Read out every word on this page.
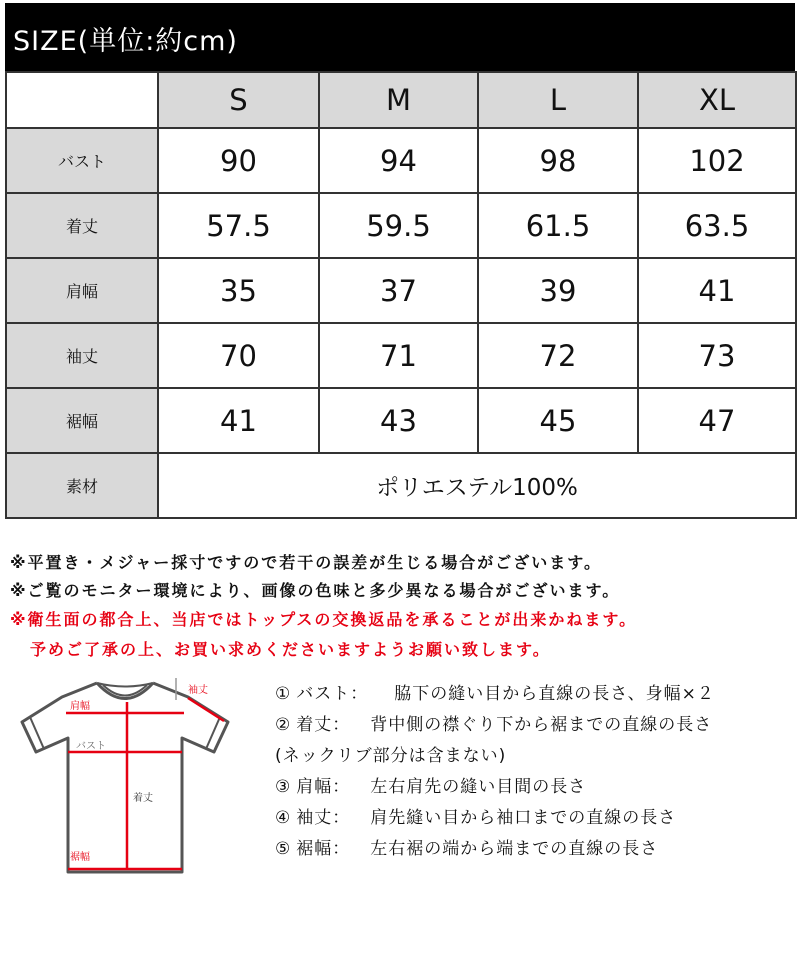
SIZE(単位:約cm)
	S	M	L	XL
バスト	90	94	98	102
着丈	57.5	59.5	61.5	63.5
肩幅	35	37	39	41
袖丈	70	71	72	73
裾幅	41	43	45	47
素材	ポリエステル100%			
※平置き・メジャー採寸ですので若干の誤差が生じる場合がございます。
※ご覧のモニター環境により、画像の色味と多少異なる場合がございます。
※衛生面の都合上、当店ではトップスの交換返品を承ることが出来かねます。
予めご了承の上、お買い求めくださいますようお願い致します。
肩幅
バスト
着丈
裾幅
袖丈	① バスト：	脇下の縫い目から直線の長さ、身幅×２
② 着丈：	背中側の襟ぐり下から裾までの直線の長さ
(ネックリブ部分は含まない)
③ 肩幅：	左右肩先の縫い目間の長さ
④ 袖丈：	肩先縫い目から袖口までの直線の長さ
⑤ 裾幅：	左右裾の端から端までの直線の長さ
